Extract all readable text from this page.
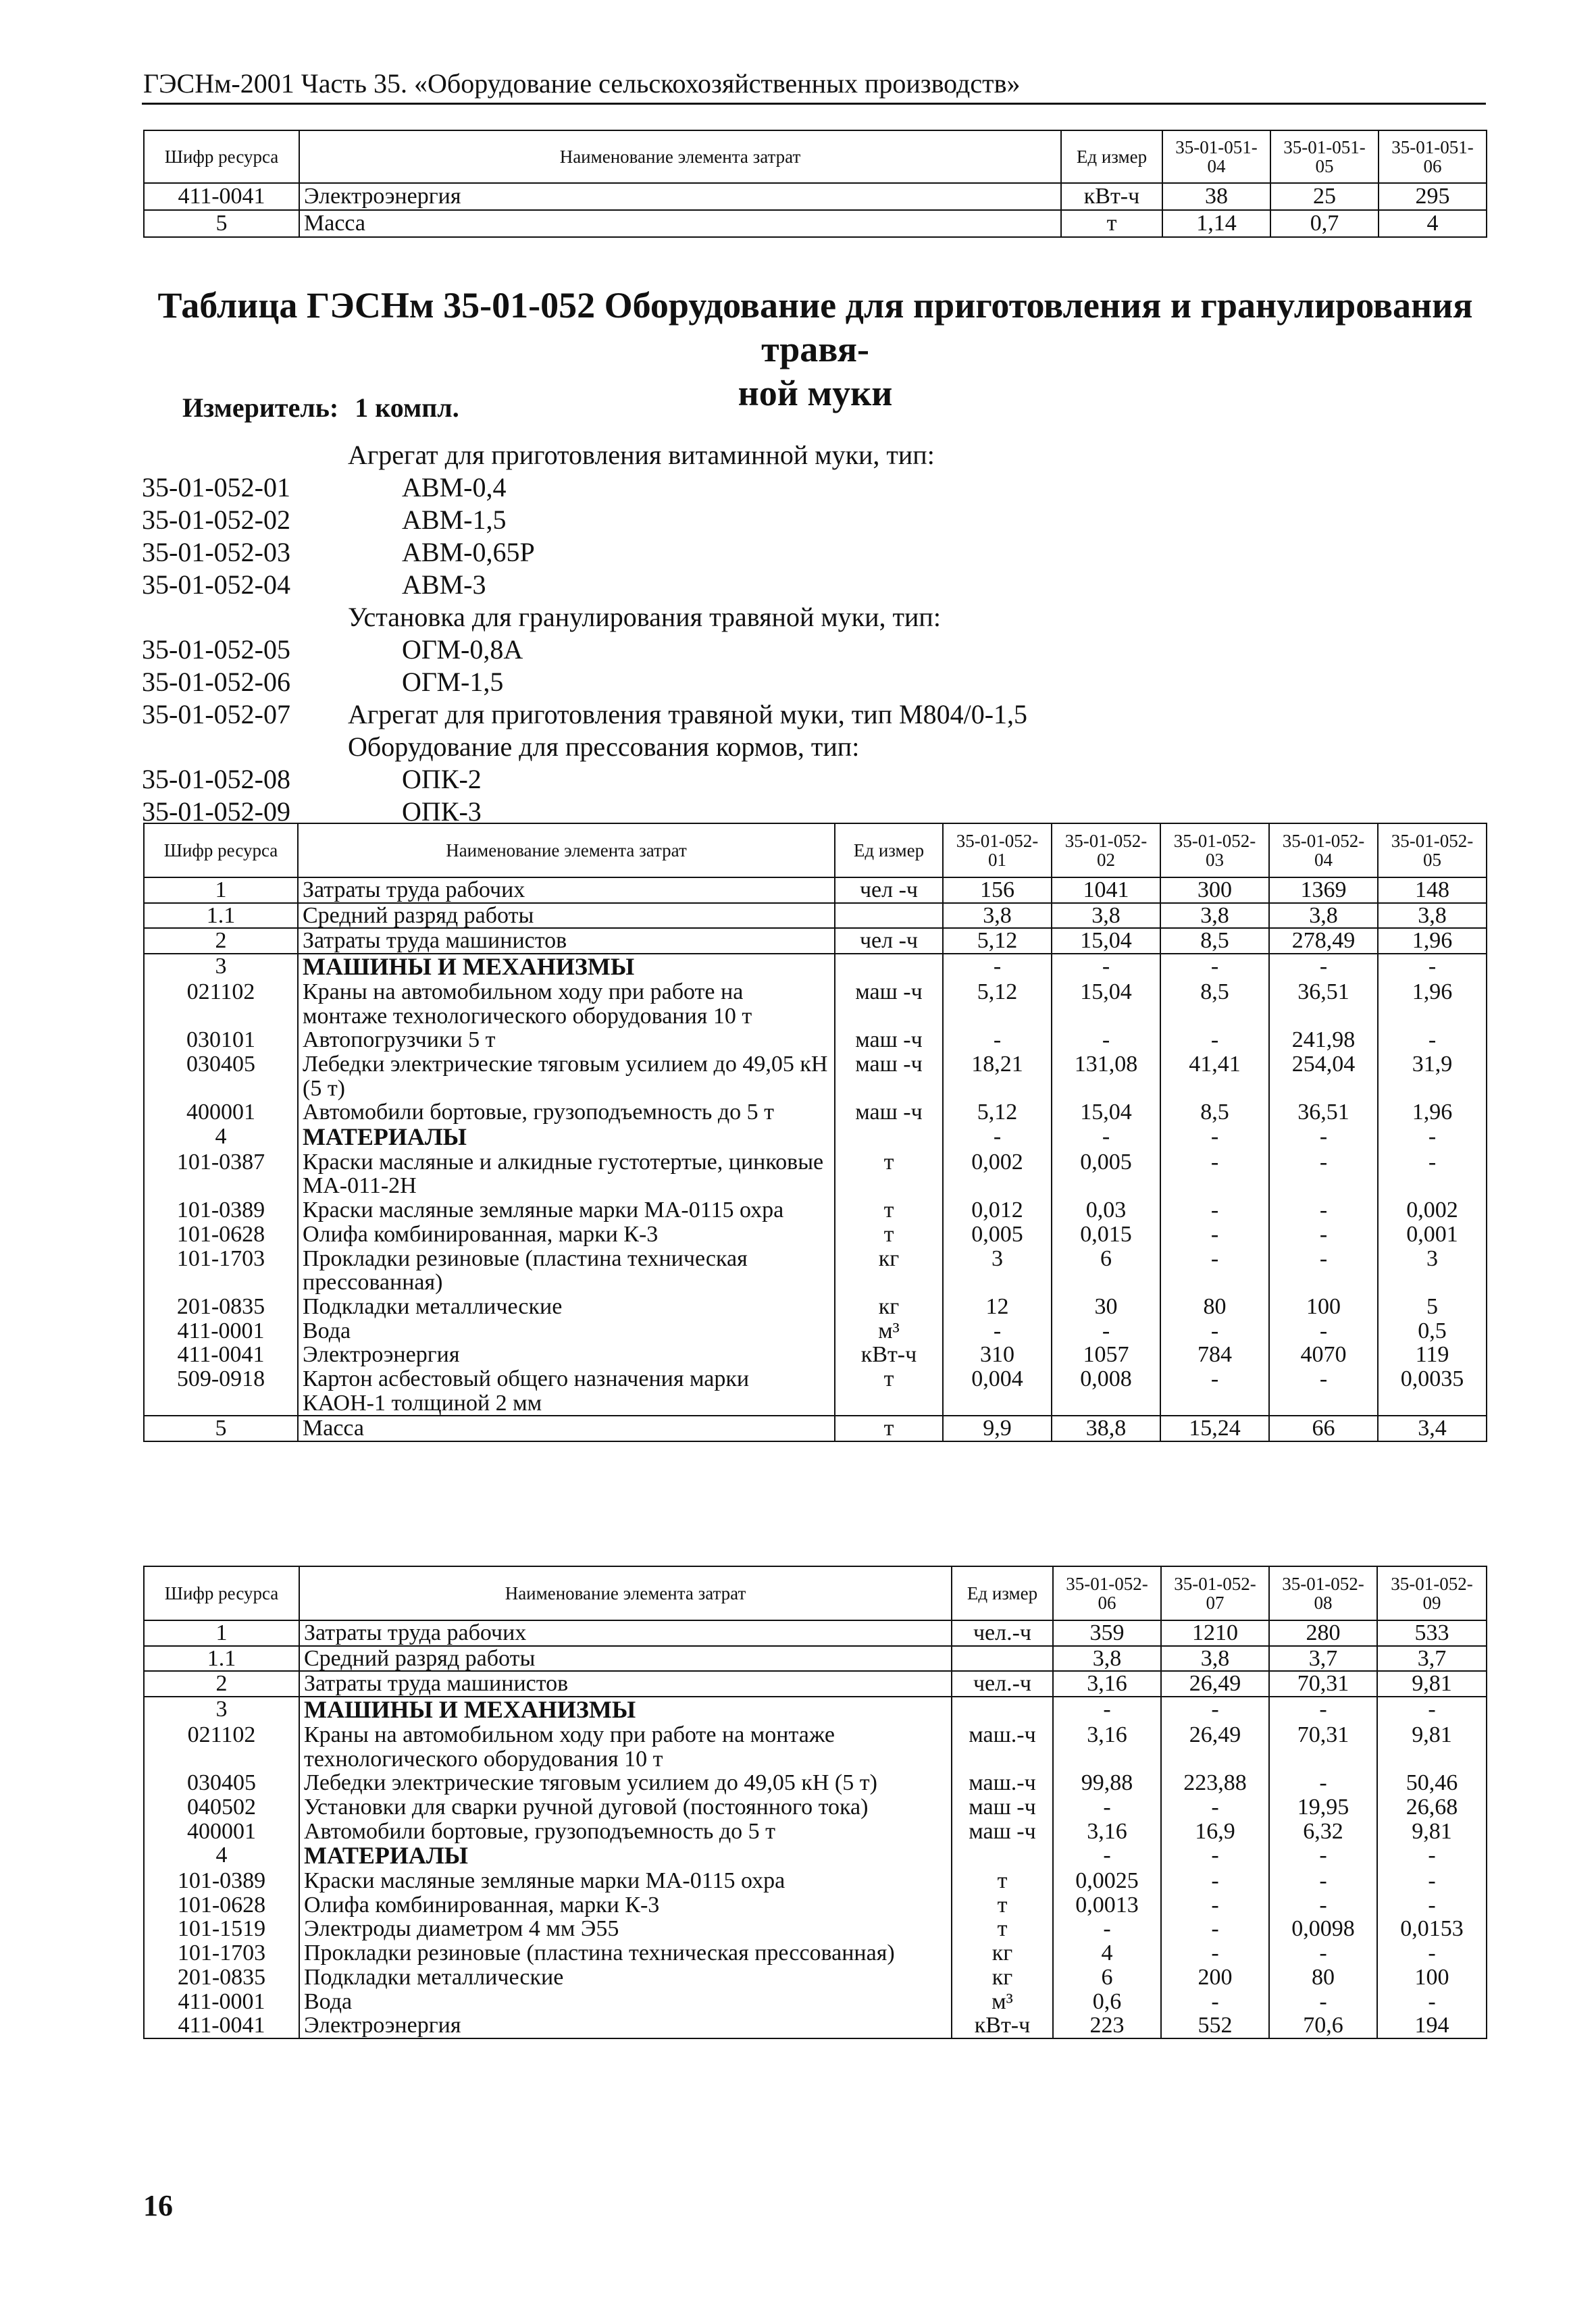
ГЭСНм-2001 Часть 35. «Оборудование сельскохозяйственных производств»
Шифр ресурса	Наименование элемента затрат	Eд измер	35-01-051-04	35-01-051-05	35-01-051-06
411-0041	Электроэнергия	кВт-ч	38	25	295
5	Масса	т	1,14	0,7	4
Таблица ГЭСНм 35-01-052 Оборудование для приготовления и гранулирования травя-
ной муки
Измеритель: 1 компл.
Агрегат для приготовления витаминной муки, тип:
35-01-052-01	АВМ-0,4
35-01-052-02	АВМ-1,5
35-01-052-03	АВМ-0,65Р
35-01-052-04	АВМ-3
Установка для гранулирования травяной муки, тип:
35-01-052-05	ОГМ-0,8А
35-01-052-06	ОГМ-1,5
35-01-052-07 Агрегат для приготовления травяной муки, тип М804/0-1,5
Оборудование для прессования кормов, тип:
35-01-052-08	ОПК-2
35-01-052-09	ОПК-3
Шифр ресурса	Наименование элемента затрат	Ед измер	35-01-052-01	35-01-052-02	35-01-052-03	35-01-052-04	35-01-052-05
1	Затраты труда рабочих	чел -ч	156	1041	300	1369	148
1.1	Средний разряд работы		3,8	3,8	3,8	3,8	3,8
2	Затраты труда машинистов	чел -ч	5,12	15,04	8,5	278,49	1,96
3	МАШИНЫ И МЕХАНИЗМЫ		-	-	-	-	-
021102	Краны на автомобильном ходу при работе на монтаже технологического оборудования 10 т	маш -ч	5,12	15,04	8,5	36,51	1,96
030101	Автопогрузчики 5 т	маш -ч	-	-	-	241,98	-
030405	Лебедки электрические тяговым усилием до 49,05 кН (5 т)	маш -ч	18,21	131,08	41,41	254,04	31,9
400001	Автомобили бортовые, грузоподъемность до 5 т	маш -ч	5,12	15,04	8,5	36,51	1,96
4	МАТЕРИАЛЫ		-	-	-	-	-
101-0387	Краски масляные и алкидные густотертые, цинковые МА-011-2Н	т	0,002	0,005	-	-	-
101-0389	Краски масляные земляные марки МА-0115 охра	т	0,012	0,03	-	-	0,002
101-0628	Олифа комбинированная, марки К-3	т	0,005	0,015	-	-	0,001
101-1703	Прокладки резиновые (пластина техническая прессованная)	кг	3	6	-	-	3
201-0835	Подкладки металлические	кг	12	30	80	100	5
411-0001	Вода	м³	-	-	-	-	0,5
411-0041	Электроэнергия	кВт-ч	310	1057	784	4070	119
509-0918	Картон асбестовый общего назначения марки КАОН-1 толщиной 2 мм	т	0,004	0,008	-	-	0,0035
5	Масса	т	9,9	38,8	15,24	66	3,4
Шифр ресурса	Наименование элемента затрат	Eд измер	35-01-052-06	35-01-052-07	35-01-052-08	35-01-052-09
1	Затраты труда рабочих	чел.-ч	359	1210	280	533
1.1	Средний разряд работы		3,8	3,8	3,7	3,7
2	Затраты труда машинистов	чел.-ч	3,16	26,49	70,31	9,81
3	МАШИНЫ И МЕХАНИЗМЫ		-	-	-	-
021102	Краны на автомобильном ходу при работе на монтаже технологического оборудования 10 т	маш.-ч	3,16	26,49	70,31	9,81
030405	Лебедки электрические тяговым усилием до 49,05 кН (5 т)	маш.-ч	99,88	223,88	-	50,46
040502	Установки для сварки ручной дуговой (постоянного тока)	маш -ч	-	-	19,95	26,68
400001	Автомобили бортовые, грузоподъемность до 5 т	маш -ч	3,16	16,9	6,32	9,81
4	МАТЕРИАЛЫ		-	-	-	-
101-0389	Краски масляные земляные марки МА-0115 охра	т	0,0025	-	-	-
101-0628	Олифа комбинированная, марки К-3	т	0,0013	-	-	-
101-1519	Электроды диаметром 4 мм Э55	т	-	-	0,0098	0,0153
101-1703	Прокладки резиновые (пластина техническая прессованная)	кг	4	-	-	-
201-0835	Подкладки металлические	кг	6	200	80	100
411-0001	Вода	м³	0,6	-	-	-
411-0041	Электроэнергия	кВт-ч	223	552	70,6	194
16
